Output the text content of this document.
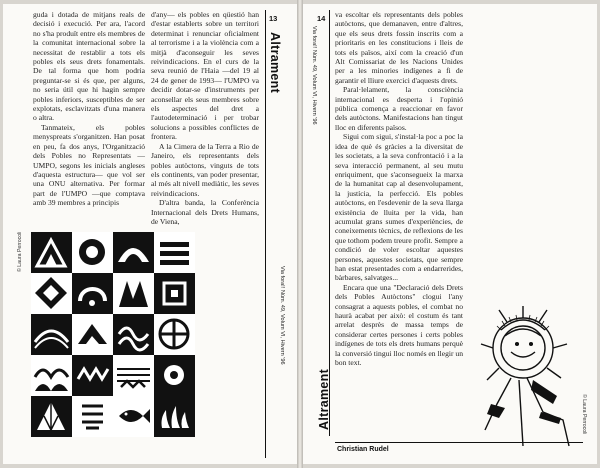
guda i dotada de mitjans reals de decisió i execució. Per ara, l'acord no s'ha produït entre els membres de la comunitat internacional sobre la necessitat de restablir a tots els pobles els seus drets fonamentals. De tal forma que hom podria preguntar-se si és que, per alguns, no seria útil que hi hagin sempre pobles inferiors, susceptibles de ser explotats, esclavitzats d'una manera o altra.

Tanmateix, els pobles menyspreats s'organitzen. Han posat en peu, fa dos anys, l'Organització dels Pobles no Representats —UMPO, segons les inicials angleses d'aquesta estructura— que vol ser una ONU alternativa. Per formar part de l'UMPO —que comptava amb 39 membres a principis

d'any— els pobles en qüestió han d'estar establerts sobre un territori determinat i renunciar oficialment al terrorisme i a la violència com a mitjà d'aconseguir les seves reivindicacions. En el curs de la seva reunió de l'Haia —del 19 al 24 de gener de 1993— l'UMPO va decidir dotar-se d'instruments per aconsellar els seus membres sobre els aspectes del dret a l'autodeterminació i per trobar solucions a possibles conflictes de frontera.

A la Cimera de la Terra a Rio de Janeiro, els representants dels pobles autòctons, vinguts de tots els continents, van poder presentar, al més alt nivell mediàtic, les seves reivindicacions.

D'altra banda, la Conferència Internacional dels Drets Humans, de Viena,

13
Altrament
Via fora!! Núm. 49, Volum VI, Hivern '96
© Laura Perrocoli
14
Via fora!! Núm. 49, Volum VI, Hivern '96
Altrament

va escoltar els representants dels pobles autòctons, que demanaven, entre d'altres, que els seus drets fossin inscrits com a prioritaris en les constitucions i lleis de tots els països, així com la creació d'un Alt Comissariat de les Nacions Unides per a les minories indígenes a fi de garantir el lliure exercici d'aquests drets.

Paral·lelament, la consciència internacional es desperta i l'opinió pública comença a reaccionar en favor dels autòctons. Manifestacions han tingut lloc en diferents països.

Sigui com sigui, s'instal·la poc a poc la idea de què és gràcies a la diversitat de les societats, a la seva confrontació i a la seva interacció permanent, al seu mutu enriquiment, que s'aconsegueix la marxa de la humanitat cap al desenvolupament, la justícia, la perfecció. Els pobles autòctons, en l'esdevenir de la seva llarga existència de lluita per la vida, han acumulat grans sumes d'experiències, de coneixements tècnics, de reflexions de les que tothom podem treure profit. Sempre a condició de voler escoltar aquestes persones, aquestes societats, que sempre han estat presentades com a endarrerides, bàrbares, salvatges...

Encara que una "Declaració dels Drets dels Pobles Autòctons" clogui l'any consagrat a aquests pobles, el combat no haurà acabat per això: el costum és tant arrelat desprès de massa temps de considerar certes persones i certs pobles indígenes de tots els drets humans perquè la conversió tingui lloc només en llegir un bon text.

© Laura Perrocoli
Christian Rudel
